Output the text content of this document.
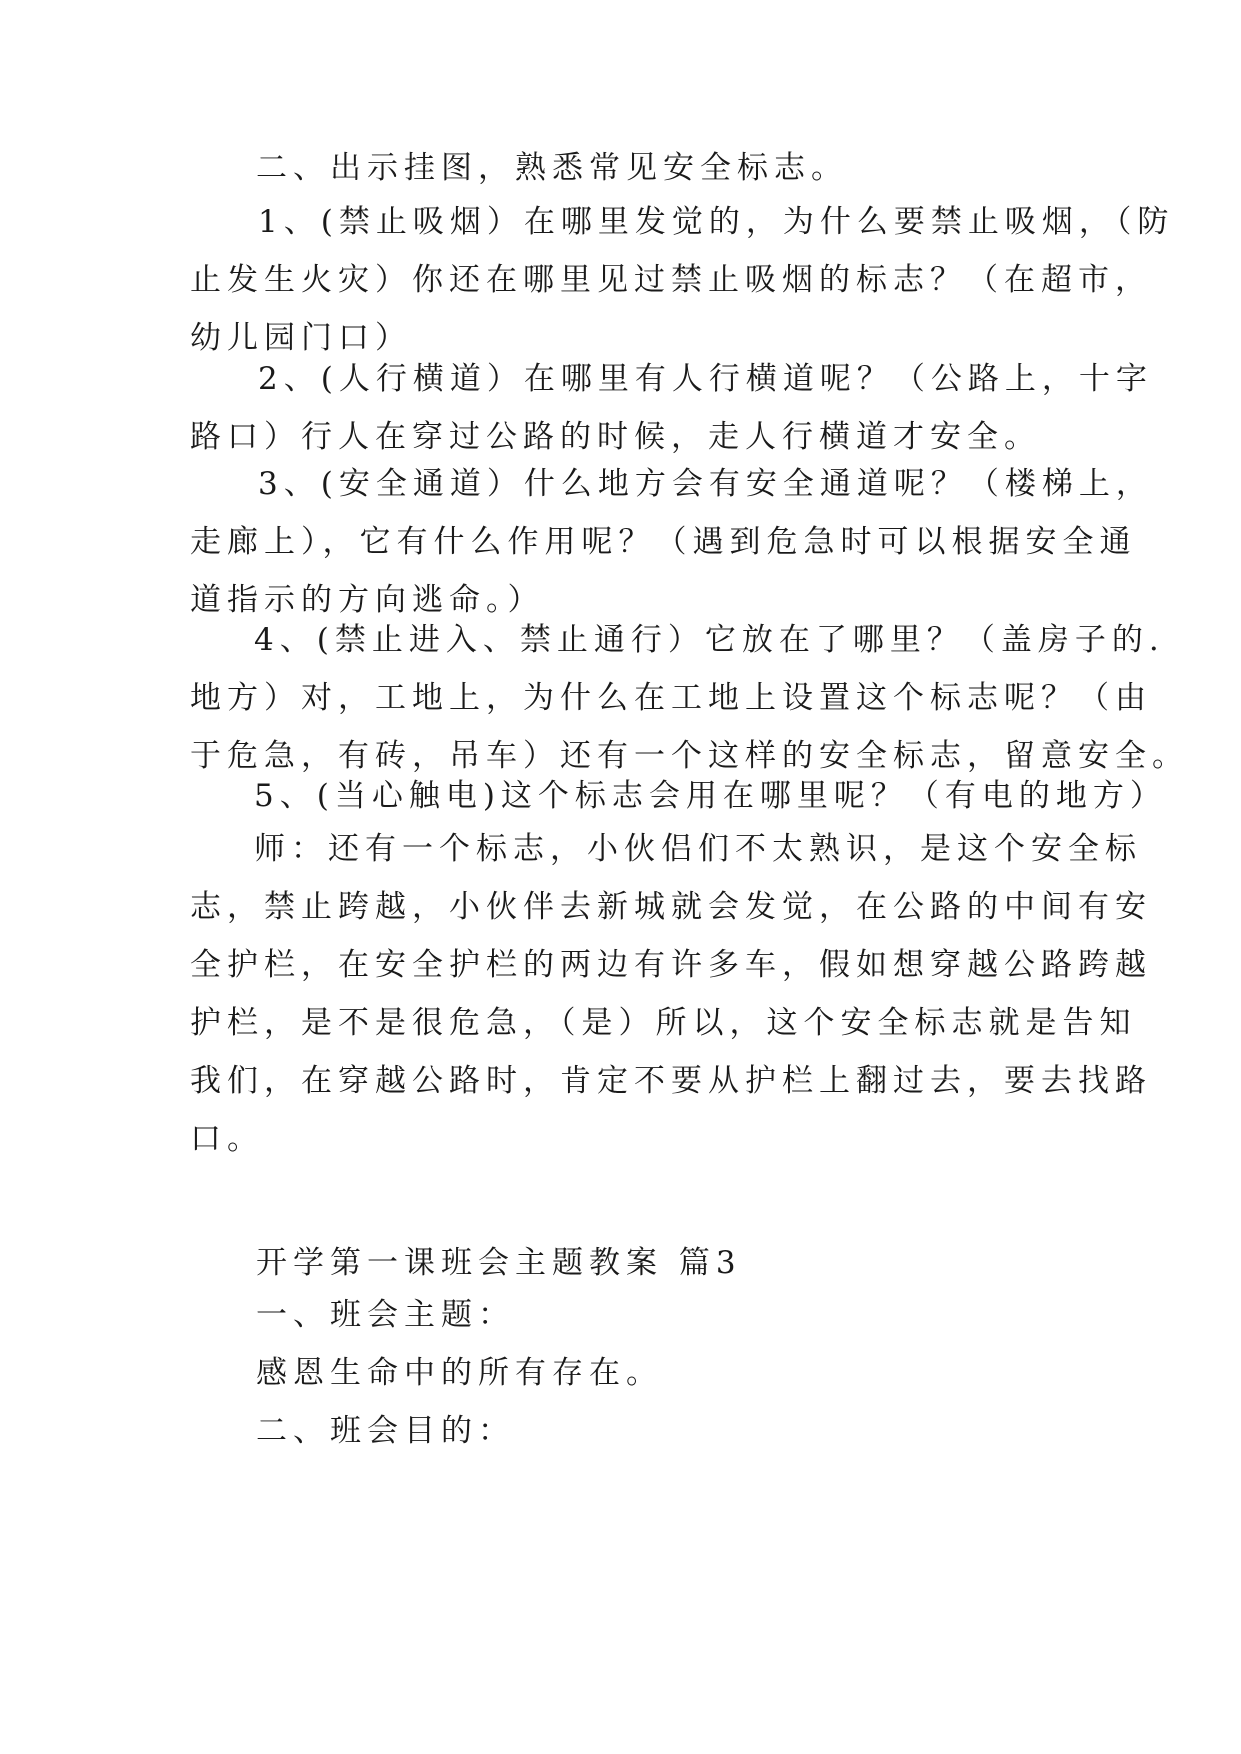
二、出示挂图，熟悉常见安全标志。
1、(禁止吸烟）在哪里发觉的，为什么要禁止吸烟，（防
止发生火灾）你还在哪里见过禁止吸烟的标志？（在超市，
幼儿园门口）
2、(人行横道）在哪里有人行横道呢？（公路上，十字
路口）行人在穿过公路的时候，走人行横道才安全。
3、(安全通道）什么地方会有安全通道呢？（楼梯上，
走廊上），它有什么作用呢？（遇到危急时可以根据安全通
道指示的方向逃命。）
4、(禁止进入、禁止通行）它放在了哪里？（盖房子的.
地方）对，工地上，为什么在工地上设置这个标志呢？（由
于危急，有砖，吊车）还有一个这样的安全标志，留意安全。
5、(当心触电)这个标志会用在哪里呢？（有电的地方）
师：还有一个标志，小伙侣们不太熟识，是这个安全标
志，禁止跨越，小伙伴去新城就会发觉，在公路的中间有安
全护栏，在安全护栏的两边有许多车，假如想穿越公路跨越
护栏，是不是很危急，（是）所以，这个安全标志就是告知
我们，在穿越公路时，肯定不要从护栏上翻过去，要去找路
口。
开学第一课班会主题教案 篇3
一、班会主题：
感恩生命中的所有存在。
二、班会目的：
